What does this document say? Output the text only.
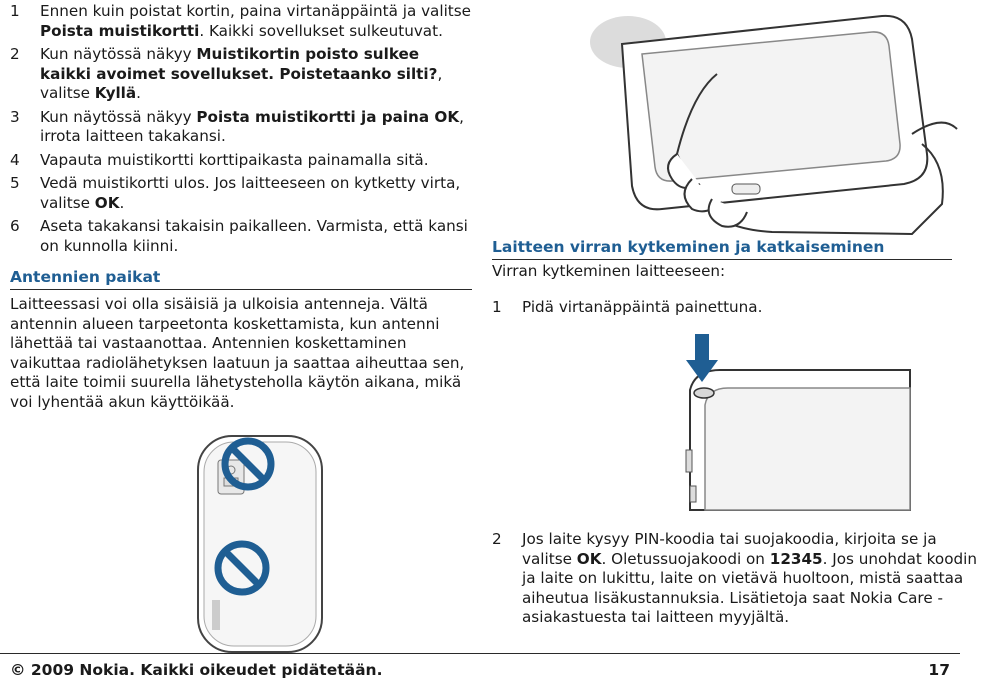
1 Ennen kuin poistat kortin, paina virtanäppäintä ja valitse Poista muistikortti. Kaikki sovellukset sulkeutuvat.
2 Kun näytössä näkyy Muistikortin poisto sulkee kaikki avoimet sovellukset. Poistetaanko silti?, valitse Kyllä.
3 Kun näytössä näkyy Poista muistikortti ja paina OK, irrota laitteen takakansi.
4 Vapauta muistikortti korttipaikasta painamalla sitä.
5 Vedä muistikortti ulos. Jos laitteeseen on kytketty virta, valitse OK.
6 Aseta takakansi takaisin paikalleen. Varmista, että kansi on kunnolla kiinni.
Antennien paikat
Laitteessasi voi olla sisäisiä ja ulkoisia antenneja. Vältä antennin alueen tarpeetonta koskettamista, kun antenni lähettää tai vastaanottaa. Antennien koskettaminen vaikuttaa radiolähetyksen laatuun ja saattaa aiheuttaa sen, että laite toimii suurella lähetysteholla käytön aikana, mikä voi lyhentää akun käyttöikää.
Laitteen virran kytkeminen ja katkaiseminen
Virran kytkeminen laitteeseen:
1 Pidä virtanäppäintä painettuna.
2 Jos laite kysyy PIN-koodia tai suojakoodia, kirjoita se ja valitse OK. Oletussuojakoodi on 12345. Jos unohdat koodin ja laite on lukittu, laite on vietävä huoltoon, mistä saattaa aiheutua lisäkustannuksia. Lisätietoja saat Nokia Care -asiakastuesta tai laitteen myyjältä.
© 2009 Nokia. Kaikki oikeudet pidätetään.	17
